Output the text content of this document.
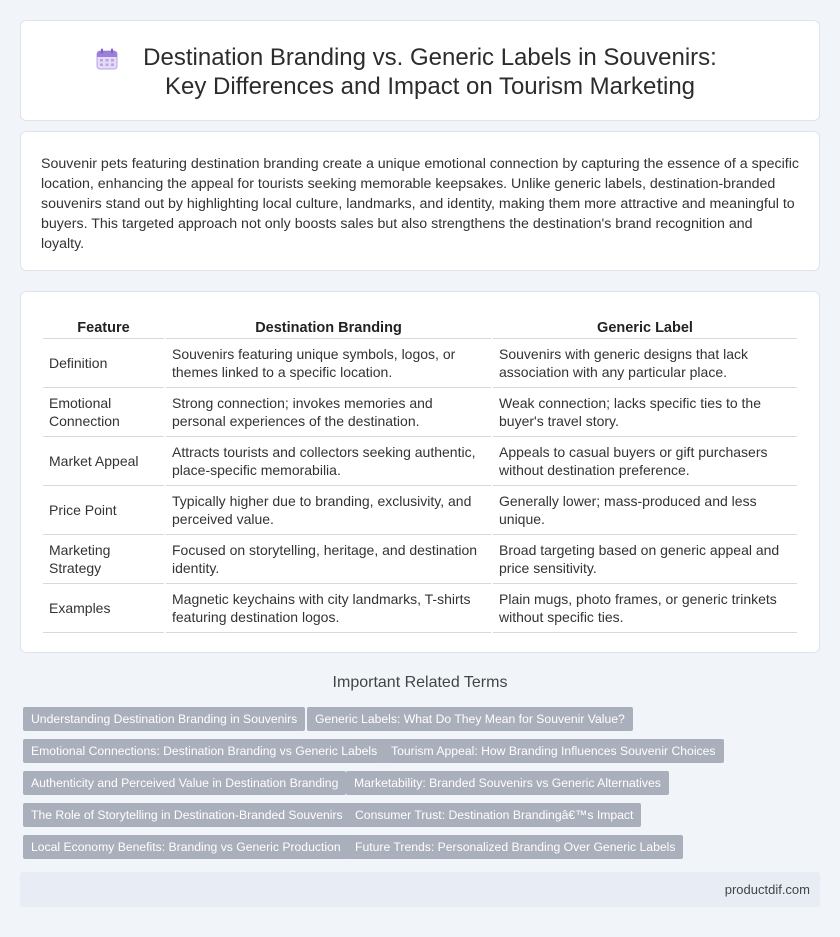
Destination Branding vs. Generic Labels in Souvenirs: Key Differences and Impact on Tourism Marketing

Souvenir pets featuring destination branding create a unique emotional connection by capturing the essence of a specific location, enhancing the appeal for tourists seeking memorable keepsakes. Unlike generic labels, destination-branded souvenirs stand out by highlighting local culture, landmarks, and identity, making them more attractive and meaningful to buyers. This targeted approach not only boosts sales but also strengthens the destination's brand recognition and loyalty.

Feature	Destination Branding	Generic Label
Definition	Souvenirs featuring unique symbols, logos, or themes linked to a specific location.	Souvenirs with generic designs that lack association with any particular place.
Emotional Connection	Strong connection; invokes memories and personal experiences of the destination.	Weak connection; lacks specific ties to the buyer's travel story.
Market Appeal	Attracts tourists and collectors seeking authentic, place-specific memorabilia.	Appeals to casual buyers or gift purchasers without destination preference.
Price Point	Typically higher due to branding, exclusivity, and perceived value.	Generally lower; mass-produced and less unique.
Marketing Strategy	Focused on storytelling, heritage, and destination identity.	Broad targeting based on generic appeal and price sensitivity.
Examples	Magnetic keychains with city landmarks, T-shirts featuring destination logos.	Plain mugs, photo frames, or generic trinkets without specific ties.
Important Related Terms
Understanding Destination Branding in Souvenirs	Generic Labels: What Do They Mean for Souvenir Value?
Emotional Connections: Destination Branding vs Generic Labels	Tourism Appeal: How Branding Influences Souvenir Choices
Authenticity and Perceived Value in Destination Branding	Marketability: Branded Souvenirs vs Generic Alternatives
The Role of Storytelling in Destination-Branded Souvenirs	Consumer Trust: Destination Brandingâ€™s Impact
Local Economy Benefits: Branding vs Generic Production	Future Trends: Personalized Branding Over Generic Labels
productdif.com
